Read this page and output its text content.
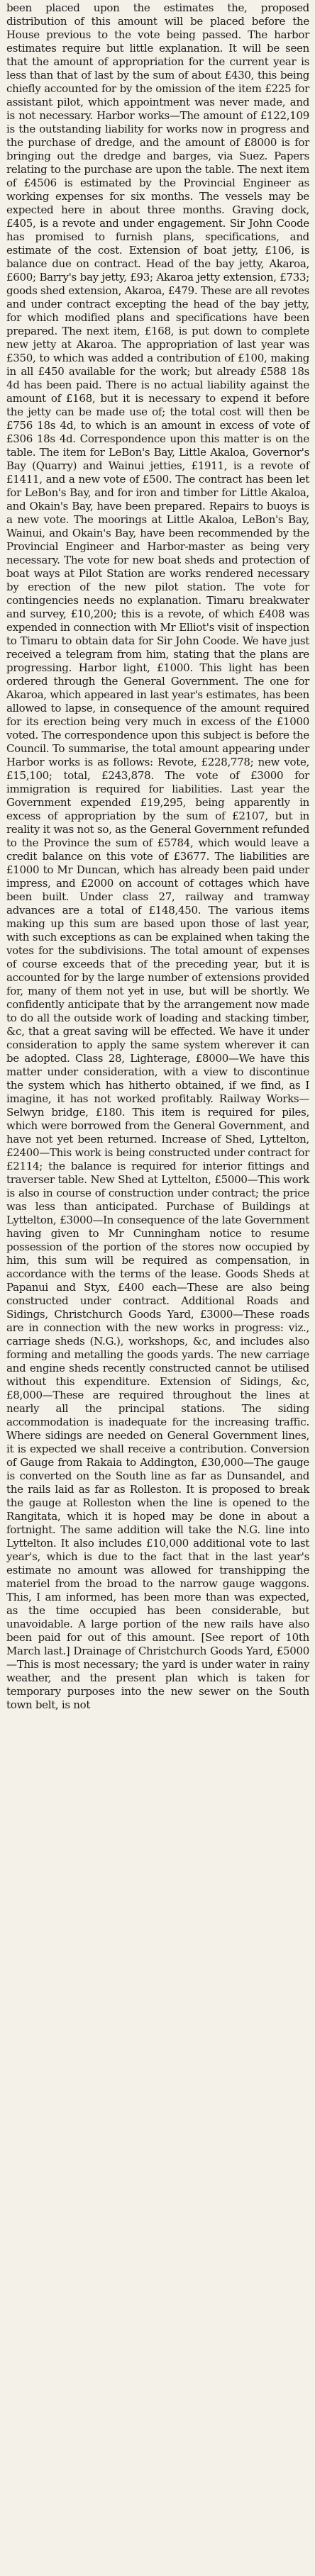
been placed upon the estimates the, proposed distribution of this amount will be placed before the House previous to the vote being passed. The harbor estimates require but little explanation. It will be seen that the amount of appropriation for the current year is less than that of last by the sum of about £430, this being chiefly accounted for by the omission of the item £225 for assistant pilot, which appointment was never made, and is not necessary. Harbor works—The amount of £122,109 is the outstanding liability for works now in progress and the purchase of dredge, and the amount of £8000 is for bringing out the dredge and barges, via Suez. Papers relating to the purchase are upon the table. The next item of £4506 is estimated by the Provincial Engineer as working expenses for six months. The vessels may be expected here in about three months. Graving dock, £405, is a revote and under engagement. Sir John Coode has promised to furnish plans, specifications, and estimate of the cost. Extension of boat jetty, £106, is balance due on contract. Head of the bay jetty, Akaroa, £600; Barry's bay jetty, £93; Akaroa jetty extension, £733; goods shed extension, Akaroa, £479. These are all revotes and under contract excepting the head of the bay jetty, for which modified plans and specifications have been prepared. The next item, £168, is put down to complete new jetty at Akaroa. The appropriation of last year was £350, to which was added a contribution of £100, making in all £450 available for the work; but already £588 18s 4d has been paid. There is no actual liability against the amount of £168, but it is necessary to expend it before the jetty can be made use of; the total cost will then be £756 18s 4d, to which is an amount in excess of vote of £306 18s 4d. Correspondence upon this matter is on the table. The item for LeBon's Bay, Little Akaloa, Governor's Bay (Quarry) and Wainui jetties, £1911, is a revote of £1411, and a new vote of £500. The contract has been let for LeBon's Bay, and for iron and timber for Little Akaloa, and Okain's Bay, have been prepared. Repairs to buoys is a new vote. The moorings at Little Akaloa, LeBon's Bay, Wainui, and Okain's Bay, have been recommended by the Provincial Engineer and Harbor-master as being very necessary. The vote for new boat sheds and protection of boat ways at Pilot Station are works rendered necessary by erection of the new pilot station. The vote for contingencies needs no explanation. Timaru breakwater and survey, £10,200; this is a revote, of which £408 was expended in connection with Mr Elliot's visit of inspection to Timaru to obtain data for Sir John Coode. We have just received a telegram from him, stating that the plans are progressing. Harbor light, £1000. This light has been ordered through the General Government. The one for Akaroa, which appeared in last year's estimates, has been allowed to lapse, in consequence of the amount required for its erection being very much in excess of the £1000 voted. The correspondence upon this subject is before the Council. To summarise, the total amount appearing under Harbor works is as follows: Revote, £228,778; new vote, £15,100; total, £243,878. The vote of £3000 for immigration is required for liabilities. Last year the Government expended £19,295, being apparently in excess of appropriation by the sum of £2107, but in reality it was not so, as the General Government refunded to the Province the sum of £5784, which would leave a credit balance on this vote of £3677. The liabilities are £1000 to Mr Duncan, which has already been paid under impress, and £2000 on account of cottages which have been built. Under class 27, railway and tramway advances are a total of £148,450. The various items making up this sum are based upon those of last year, with such exceptions as can be explained when taking the votes for the subdivisions. The total amount of expenses of course exceeds that of the preceding year, but it is accounted for by the large number of extensions provided for, many of them not yet in use, but will be shortly. We confidently anticipate that by the arrangement now made to do all the outside work of loading and stacking timber, &c, that a great saving will be effected. We have it under consideration to apply the same system wherever it can be adopted. Class 28, Lighterage, £8000—We have this matter under consideration, with a view to discontinue the system which has hitherto obtained, if we find, as I imagine, it has not worked profitably. Railway Works—Selwyn bridge, £180. This item is required for piles, which were borrowed from the General Government, and have not yet been returned. Increase of Shed, Lyttelton, £2400—This work is being constructed under contract for £2114; the balance is required for interior fittings and traverser table. New Shed at Lyttelton, £5000—This work is also in course of construction under contract; the price was less than anticipated. Purchase of Buildings at Lyttelton, £3000—In consequence of the late Government having given to Mr Cunningham notice to resume possession of the portion of the stores now occupied by him, this sum will be required as compensation, in accordance with the terms of the lease. Goods Sheds at Papanui and Styx, £400 each—These are also being constructed under contract. Additional Roads and Sidings, Christchurch Goods Yard, £3000—These roads are in connection with the new works in progress: viz., carriage sheds (N.G.), workshops, &c, and includes also forming and metalling the goods yards. The new carriage and engine sheds recently constructed cannot be utilised without this expenditure. Extension of Sidings, &c, £8,000—These are required throughout the lines at nearly all the principal stations. The siding accommodation is inadequate for the increasing traffic. Where sidings are needed on General Government lines, it is expected we shall receive a contribution. Conversion of Gauge from Rakaia to Addington, £30,000—The gauge is converted on the South line as far as Dunsandel, and the rails laid as far as Rolleston. It is proposed to break the gauge at Rolleston when the line is opened to the Rangitata, which it is hoped may be done in about a fortnight. The same addition will take the N.G. line into Lyttelton. It also includes £10,000 additional vote to last year's, which is due to the fact that in the last year's estimate no amount was allowed for transhipping the materiel from the broad to the narrow gauge waggons. This, I am informed, has been more than was expected, as the time occupied has been considerable, but unavoidable. A large portion of the new rails have also been paid for out of this amount. [See report of 10th March last.] Drainage of Christchurch Goods Yard, £5000—This is most necessary; the yard is under water in rainy weather, and the present plan which is taken for temporary purposes into the new sewer on the South town belt, is not
